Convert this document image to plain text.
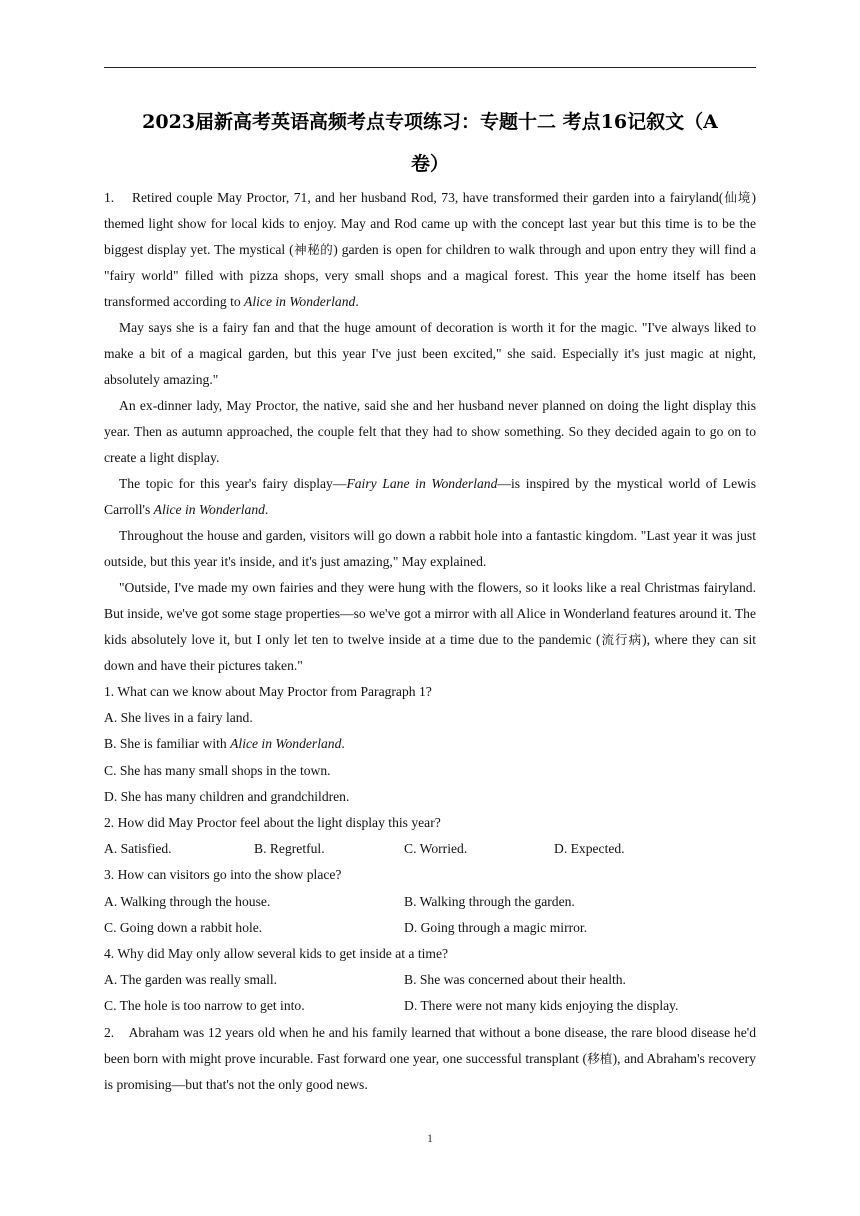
2023届新高考英语高频考点专项练习：专题十二 考点16记叙文（A
卷）

1. Retired couple May Proctor, 71, and her husband Rod, 73, have transformed their garden into a fairyland(仙境) themed light show for local kids to enjoy. May and Rod came up with the concept last year but this time is to be the biggest display yet. The mystical (神秘的) garden is open for children to walk through and upon entry they will find a "fairy world" filled with pizza shops, very small shops and a magical forest. This year the home itself has been transformed according to Alice in Wonderland.

May says she is a fairy fan and that the huge amount of decoration is worth it for the magic. "I've always liked to make a bit of a magical garden, but this year I've just been excited," she said. Especially it's just magic at night, absolutely amazing."

An ex-dinner lady, May Proctor, the native, said she and her husband never planned on doing the light display this year. Then as autumn approached, the couple felt that they had to show something. So they decided again to go on to create a light display.

The topic for this year's fairy display—Fairy Lane in Wonderland—is inspired by the mystical world of Lewis Carroll's Alice in Wonderland.

Throughout the house and garden, visitors will go down a rabbit hole into a fantastic kingdom. "Last year it was just outside, but this year it's inside, and it's just amazing," May explained.

"Outside, I've made my own fairies and they were hung with the flowers, so it looks like a real Christmas fairyland. But inside, we've got some stage properties—so we've got a mirror with all Alice in Wonderland features around it. The kids absolutely love it, but I only let ten to twelve inside at a time due to the pandemic (流行病), where they can sit down and have their pictures taken."

1. What can we know about May Proctor from Paragraph 1?

A. She lives in a fairy land.
B. She is familiar with Alice in Wonderland.
C. She has many small shops in the town.
D. She has many children and grandchildren.

2. How did May Proctor feel about the light display this year?

A. Satisfied.	B. Regretful.	C. Worried.	D. Expected.

3. How can visitors go into the show place?

A. Walking through the house.	B. Walking through the garden.
C. Going down a rabbit hole.	D. Going through a magic mirror.

4. Why did May only allow several kids to get inside at a time?

A. The garden was really small.	B. She was concerned about their health.
C. The hole is too narrow to get into.	D. There were not many kids enjoying the display.

2. Abraham was 12 years old when he and his family learned that without a bone disease, the rare blood disease he'd been born with might prove incurable. Fast forward one year, one successful transplant (移植), and Abraham's recovery is promising—but that's not the only good news.

1
